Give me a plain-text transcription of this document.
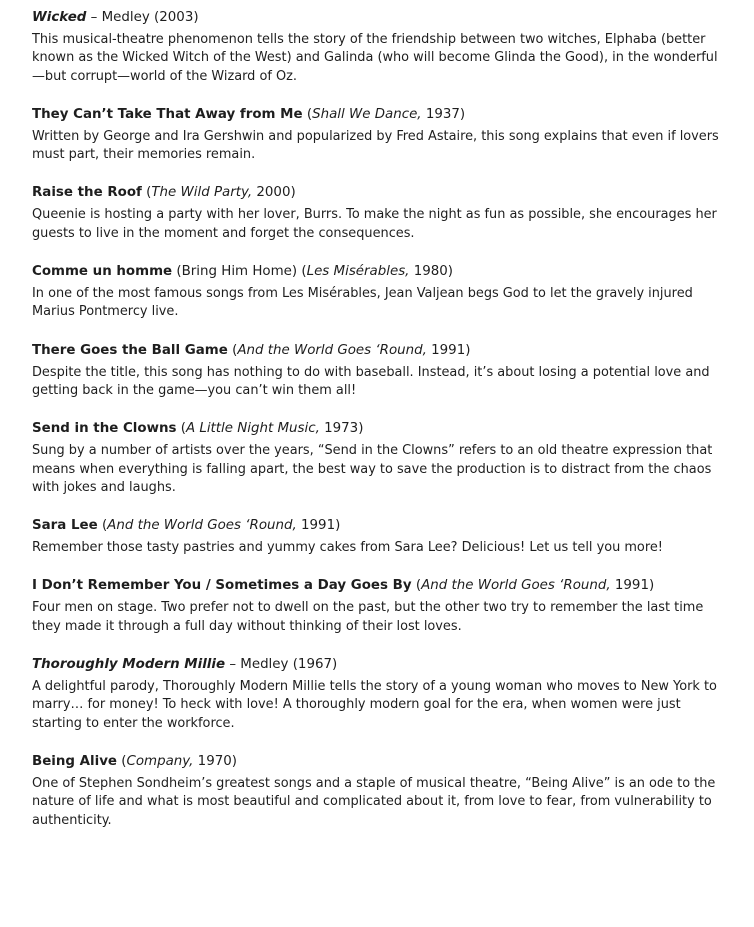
Wicked – Medley (2003)

This musical-theatre phenomenon tells the story of the friendship between two witches, Elphaba (better known as the Wicked Witch of the West) and Galinda (who will become Glinda the Good), in the wonderful—but corrupt—world of the Wizard of Oz.

They Can’t Take That Away from Me (Shall We Dance, 1937)

Written by George and Ira Gershwin and popularized by Fred Astaire, this song explains that even if lovers must part, their memories remain.

Raise the Roof (The Wild Party, 2000)

Queenie is hosting a party with her lover, Burrs. To make the night as fun as possible, she encourages her guests to live in the moment and forget the consequences.

Comme un homme (Bring Him Home) (Les Misérables, 1980)

In one of the most famous songs from Les Misérables, Jean Valjean begs God to let the gravely injured Marius Pontmercy live.

There Goes the Ball Game (And the World Goes ‘Round, 1991)

Despite the title, this song has nothing to do with baseball. Instead, it’s about losing a potential love and getting back in the game—you can’t win them all!

Send in the Clowns (A Little Night Music, 1973)

Sung by a number of artists over the years, “Send in the Clowns” refers to an old theatre expression that means when everything is falling apart, the best way to save the production is to distract from the chaos with jokes and laughs.

Sara Lee (And the World Goes ‘Round, 1991)

Remember those tasty pastries and yummy cakes from Sara Lee? Delicious! Let us tell you more!

I Don’t Remember You / Sometimes a Day Goes By (And the World Goes ‘Round, 1991)

Four men on stage. Two prefer not to dwell on the past, but the other two try to remember the last time they made it through a full day without thinking of their lost loves.

Thoroughly Modern Millie – Medley (1967)

A delightful parody, Thoroughly Modern Millie tells the story of a young woman who moves to New York to marry… for money! To heck with love! A thoroughly modern goal for the era, when women were just starting to enter the workforce.

Being Alive (Company, 1970)

One of Stephen Sondheim’s greatest songs and a staple of musical theatre, “Being Alive” is an ode to the nature of life and what is most beautiful and complicated about it, from love to fear, from vulnerability to authenticity.
